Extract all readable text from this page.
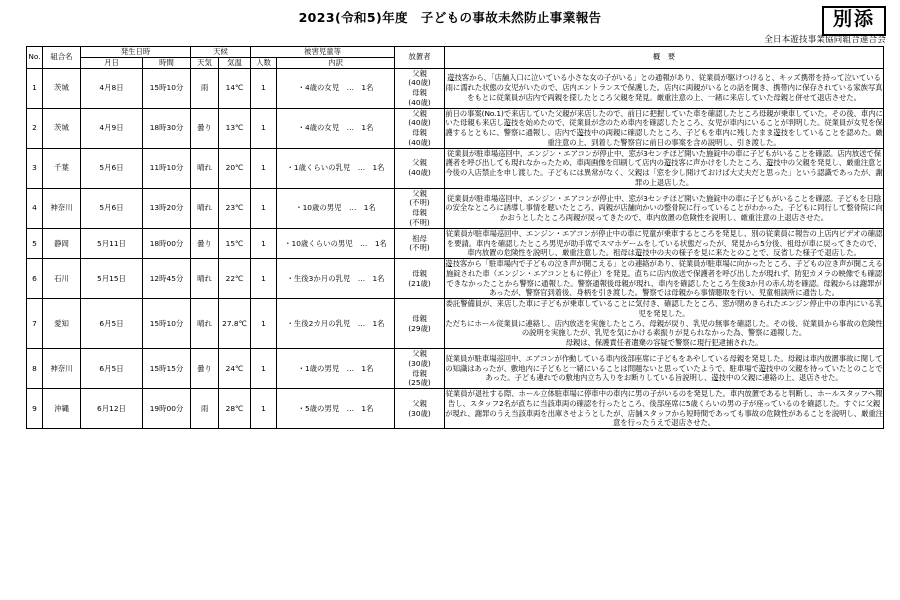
別添
2023(令和5)年度　子どもの事故未然防止事業報告
全日本遊技事業協同組合連合会
No.	組合名	発生日時		天候		被害児童等		放置者	概　要
		月日	時間	天気	気温	人数	内訳		
1	茨城	4月8日	15時10分	雨	14℃	1	・4歳の女児　…　1名	父親
(40歳)
母親
(40歳)	遊技客から、「店舗入口に泣いている小さな女の子がいる」との通報があり、従業員が駆けつけると、キッズ携帯を持って泣いている雨に濡れた状態の女児がいたので、店内エントランスで保護した。店内に両親がいるとの話を聞き、携帯内に保存されている家族写真をもとに従業員が店内で両親を探したところ父親を発見。厳重注意の上、一緒に来店していた母親と併せて退店させた。

2	茨城	4月9日	18時30分	曇り	13℃	1	・4歳の女児　…　1名

父親
(40歳)
母親
(40歳)

前日の事案(No.1)で来店していた父親が来店したので、前日に把握していた車を確認したところ母親が乗車していた。その後、車内にいた母親も来店し遊技を始めたので、従業員が念のため車内を確認したところ、女児が車内にいることが判明した。従業員が女児を保護するとともに、警察に通報し、店内で遊技中の両親に確認したところ、子どもを車内に残したまま遊技をしていることを認めた。厳重注意の上、到着した警察官に前日の事案を含め説明し、引き渡した。

3	千葉	5月6日	11時10分	晴れ	20℃	1	・1歳くらいの乳児　…　1名	父親
(40歳)	従業員が駐車場巡回中、エンジン・エアコンが停止中、窓が3センチほど開いた施錠中の車に子どもがいることを確認。店内放送で保護者を呼び出しても現れなかったため、車両画像を印刷して店内の遊技客に声かけをしたところ、遊技中の父親を発見し、厳重注意と今後の入店禁止を申し渡した。子どもには異常がなく、父親は「窓を少し開けておけば大丈夫だと思った」という認識であったが、謝罪の上退店した。

4	神奈川	5月6日	13時20分	晴れ	23℃	1	・10歳の男児　…　1名	父親
(不明)
母親
(不明)	従業員が駐車場巡回中、エンジン・エアコンが停止中、窓が3センチほど開いた施錠中の車に子どもがいることを確認。子どもを日陰の安全なところに誘導し事情を聴いたところ、両親が店舗向かいの整骨院に行っていることがわかった。子どもに同行して整骨院に向かおうとしたところ両親が戻ってきたので、車内放置の危険性を説明し、厳重注意の上退店させた。

5	静岡	5月11日	18時00分	曇り	15℃	1	・10歳くらいの男児　…　1名	祖母
(不明)	従業員が駐車場巡回中、エンジン・エアコンが停止中の車に児童が乗車するところを発見し、別の従業員に報告の上店内ビデオの確認を要請。車内を確認したところ男児が助手席でスマホゲームをしている状態だったが、発見から5分後、祖母が車に戻ってきたので、車内放置の危険性を説明し、厳重注意した。祖母は遊技中の夫の様子を見に来たとのことで、反省した様子で退店した。

6	石川	5月15日	12時45分	晴れ	22℃	1	・生後3か月の乳児　…　1名	母親
(21歳)	遊技客から「駐車場内で子どもの泣き声が聞こえる」との連絡があり、従業員が駐車場に向かったところ、子どもの泣き声が聞こえる施錠された車（エンジン・エアコンともに停止）を発見。直ちに店内放送で保護者を呼び出したが現れず、防犯カメラの映像でも確認できなかったことから警察に通報した。警察通報後母親が現れ、車内を確認したところ生後3か月の赤ん坊を確認。母親からは謝罪があったが、警察官到着後、身柄を引き渡した。警察では母親から事情聴取を行い、児童相談所に通告した。

7	愛知	6月5日	15時10分	晴れ	27.8℃	1	・生後2カ月の乳児　…　1名

母親
(29歳)

委託警備員が、来店した車に子どもが乗車していることに気付き、確認したところ、窓が閉めきられたエンジン停止中の車内にいる乳児を発見した。

ただちにホール従業員に連絡し、店内放送を実施したところ、母親が戻り、乳児の無事を確認した。その後、従業員から事故の危険性の説明を実施したが、乳児を気にかける素振りが見られなかった為、警察に通報した。

母親は、保護責任者遺棄の容疑で警察に現行犯逮捕された。

8	神奈川	6月5日	15時15分	曇り	24℃	1	・1歳の男児　…　1名	父親
(30歳)
母親
(25歳)	従業員が駐車場巡回中、エアコンが作動している車内後部座席に子どもをあやしている母親を発見した。母親は車内放置事故に関しての知識はあったが、敷地内に子どもと一緒にいることは問題ないと思っていたようで、駐車場で遊技中の父親を待っていたとのことであった。子ども連れでの敷地内立ち入りをお断りしている旨説明し、遊技中の父親に連絡の上、退店させた。

9	沖縄	6月12日	19時00分	雨	28℃	1	・5歳の男児　…　1名	父親
(30歳)	従業員が退社する際、ホール立体駐車場に停車中の車内に男の子がいるのを発見した。車内放置であると判断し、ホールスタッフへ報告し、スタッフ2名が直ちに当該車両の確認を行ったところ、後部座席に5歳くらいの男の子が座っているのを確認した。すぐに父親が現れ、謝罪のうえ当該車両を出庫させようとしたが、店舗スタッフから短時間であっても事故の危険性があることを説明し、厳重注意を行ったうえで退店させた。
